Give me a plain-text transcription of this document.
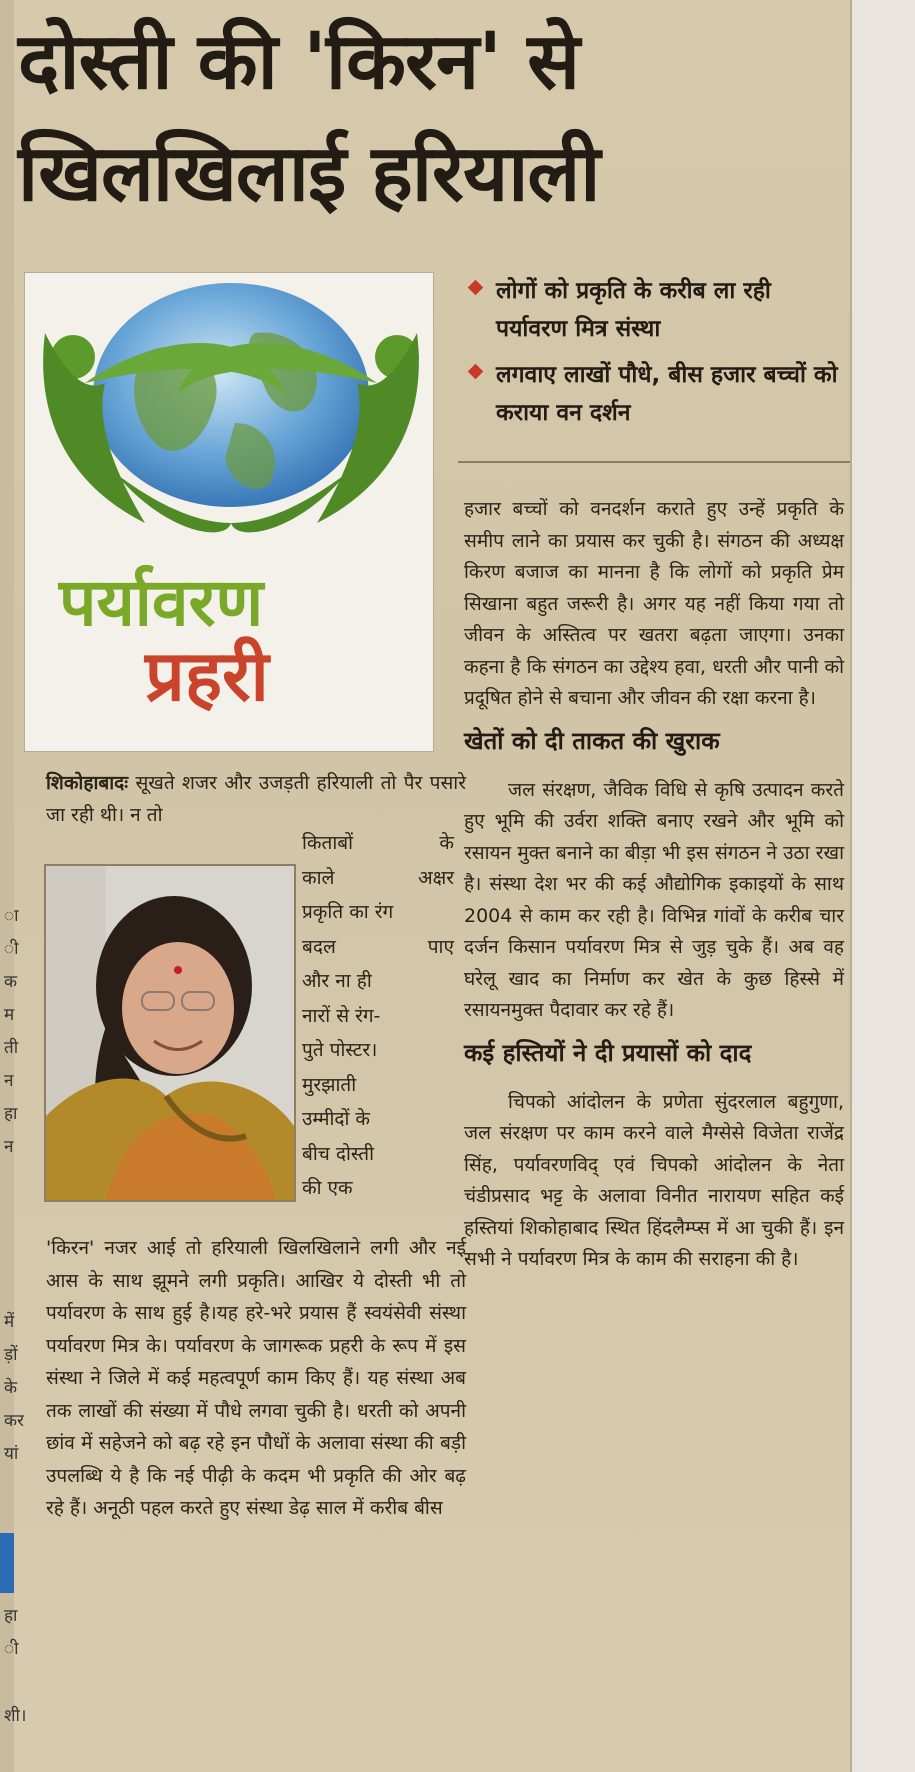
ा
ी
क
म
ती
न
हा
न
में
ड़ों
के
कर
यां
हा
ी
शी।
दोस्ती की 'किरन' से
खिलखिलाई हरियाली
पर्यावरण
प्रहरी
लोगों को प्रकृति के करीब ला रही पर्यावरण मित्र संस्था
लगवाए लाखों पौधे, बीस हजार बच्चों को कराया वन दर्शन

शिकोहाबादः सूखते शजर और उजड़ती हरियाली तो पैर पसारे जा रही थी। न तो

किताबों के
काले अक्षर
प्रकृति का रंग
बदल पाए
और ना ही
नारों से रंग-
पुते पोस्टर।
मुरझाती
उम्मीदों के
बीच दोस्ती
की एक

'किरन' नजर आई तो हरियाली खिलखिलाने लगी और नई आस के साथ झूमने लगी प्रकृति। आखिर ये दोस्ती भी तो पर्यावरण के साथ हुई है।यह हरे-भरे प्रयास हैं स्वयंसेवी संस्था पर्यावरण मित्र के। पर्यावरण के जागरूक प्रहरी के रूप में इस संस्था ने जिले में कई महत्वपूर्ण काम किए हैं। यह संस्था अब तक लाखों की संख्या में पौधे लगवा चुकी है। धरती को अपनी छांव में सहेजने को बढ़ रहे इन पौधों के अलावा संस्था की बड़ी उपलब्धि ये है कि नई पीढ़ी के कदम भी प्रकृति की ओर बढ़ रहे हैं। अनूठी पहल करते हुए संस्था डेढ़ साल में करीब बीस

हजार बच्चों को वनदर्शन कराते हुए उन्हें प्रकृति के समीप लाने का प्रयास कर चुकी है। संगठन की अध्यक्ष किरण बजाज का मानना है कि लोगों को प्रकृति प्रेम सिखाना बहुत जरूरी है। अगर यह नहीं किया गया तो जीवन के अस्तित्व पर खतरा बढ़ता जाएगा। उनका कहना है कि संगठन का उद्देश्य हवा, धरती और पानी को प्रदूषित होने से बचाना और जीवन की रक्षा करना है।

खेतों को दी ताकत की खुराक

जल संरक्षण, जैविक विधि से कृषि उत्पादन करते हुए भूमि की उर्वरा शक्ति बनाए रखने और भूमि को रसायन मुक्त बनाने का बीड़ा भी इस संगठन ने उठा रखा है। संस्था देश भर की कई औद्योगिक इकाइयों के साथ 2004 से काम कर रही है। विभिन्न गांवों के करीब चार दर्जन किसान पर्यावरण मित्र से जुड़ चुके हैं। अब वह घरेलू खाद का निर्माण कर खेत के कुछ हिस्से में रसायनमुक्त पैदावार कर रहे हैं।

कई हस्तियों ने दी प्रयासों को दाद

चिपको आंदोलन के प्रणेता सुंदरलाल बहुगुणा, जल संरक्षण पर काम करने वाले मैग्सेसे विजेता राजेंद्र सिंह, पर्यावरणविद् एवं चिपको आंदोलन के नेता चंडीप्रसाद भट्ट के अलावा विनीत नारायण सहित कई हस्तियां शिकोहाबाद स्थित हिंदलैम्प्स में आ चुकी हैं। इन सभी ने पर्यावरण मित्र के काम की सराहना की है।
